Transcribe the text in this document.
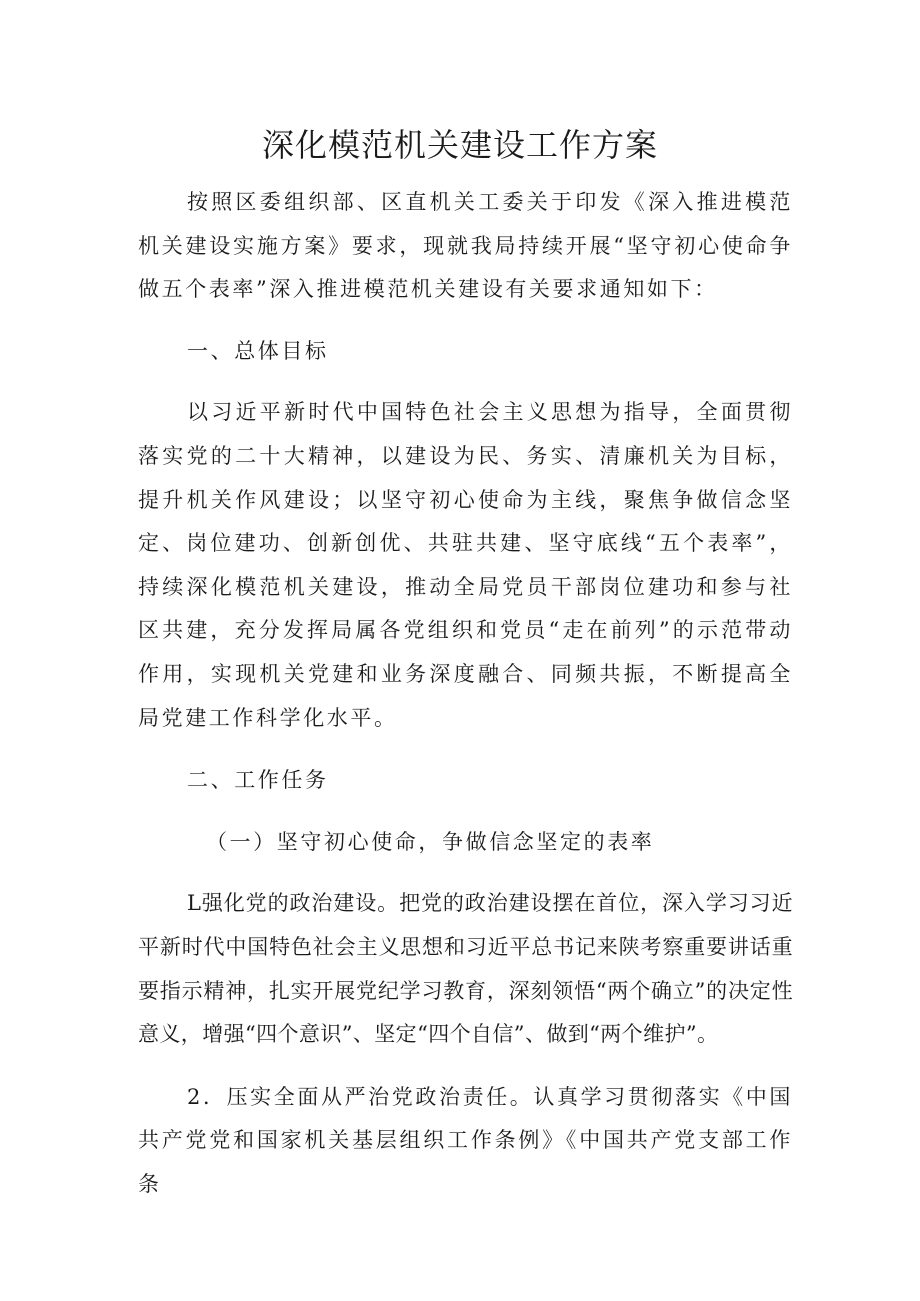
深化模范机关建设工作方案

按照区委组织部、区直机关工委关于印发《深入推进模范机关建设实施方案》要求，现就我局持续开展“坚守初心使命争做五个表率”深入推进模范机关建设有关要求通知如下：

一、总体目标

以习近平新时代中国特色社会主义思想为指导，全面贯彻落实党的二十大精神，以建设为民、务实、清廉机关为目标，提升机关作风建设；以坚守初心使命为主线，聚焦争做信念坚定、岗位建功、创新创优、共驻共建、坚守底线“五个表率”，持续深化模范机关建设，推动全局党员干部岗位建功和参与社区共建，充分发挥局属各党组织和党员“走在前列”的示范带动作用，实现机关党建和业务深度融合、同频共振，不断提高全局党建工作科学化水平。

二、工作任务

（一）坚守初心使命，争做信念坚定的表率

L强化党的政治建设。把党的政治建设摆在首位，深入学习习近平新时代中国特色社会主义思想和习近平总书记来陕考察重要讲话重要指示精神，扎实开展党纪学习教育，深刻领悟“两个确立”的决定性意义，增强“四个意识”、坚定“四个自信”、做到“两个维护”。

2．压实全面从严治党政治责任。认真学习贯彻落实《中国共产党党和国家机关基层组织工作条例》《中国共产党支部工作条
